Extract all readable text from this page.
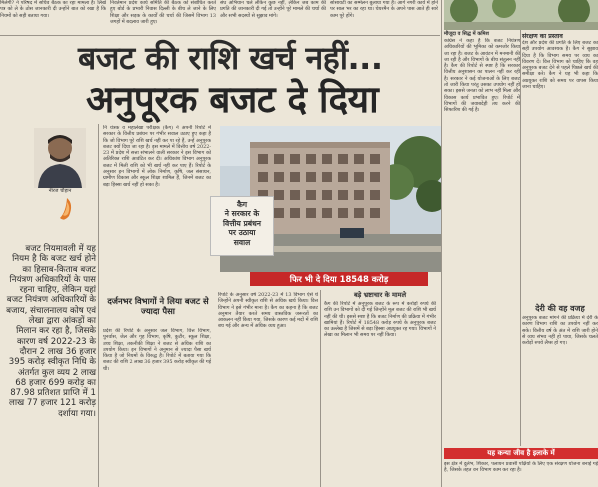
मिलेगी? ने परिषद में सचिव बैठक का रहा मामला है। लिखे पत्र को ले के ठोस जानकारी दी उन्होंने बात को रखा है कि नियमों को सही बताया गया।
निवर्तमान प्रदेश कार्य समिति की बैठक को संबोधित करते हुए बोर्ड के प्रभारी निवास दिल्ली के बीच ले जाने के लिए शिक्षा और सड़क के कार्यों की चर्चा की जिसमें विभाग 13 जगहों में बदलाव जारी हुए।
संघ अभियान चले लेकिन कुछ नहीं, लेकिन जब काम की प्रगति की जानकारी दी गई तो उन्होंने पूरे मामले की चर्चा की और सभी सदस्यों से सुझाव मांगे।
सोसायटी का सम्मेलन बुलाया गया है। आगे नगरी कार्य में होने पर साल भर का रहा था। चेयरमैन के अपने पास आते ही सारे काम पूरे होंगे।
बजट की राशि खर्च नहीं...
अनुपूरक बजट दे दिया
नीरज चौहान
बजट नियमावली में यह नियम है कि बजट खर्च होने का हिसाब-किताब बजट नियंत्रण अधिकारियों के पास रहना चाहिए, लेकिन यहां बजट नियंत्रण अधिकारियों के बजाय, संचालनालय कोष एवं लेखा द्वारा आंकड़ों का मिलान कर रहा है, जिसके कारण वर्ष 2022-23 के दौरान 2 लाख 36 हजार 395 करोड़ स्वीकृत निधि के अंतर्गत कुल व्यय 2 लाख 68 हजार 699 करोड़ का 87.98 प्रतिशत प्राप्ति में 1 लाख 77 हजार 121 करोड़ दर्शाया गया।
नि यंत्रक व महालेखा परीक्षक (कैग) ने अपनी रिपोर्ट में सरकार के वित्तीय प्रबंधन पर गंभीर सवाल उठाए हुए कहा है कि जो विभाग पूरे राशि खर्च नहीं कर पा रहे हैं, उन्हें अनुपूरक बजट क्यों दिया जा रहा है। इस मामले में वित्तीय वर्ष 2022-23 में प्रदेश में सत्ता संभालने वाली सरकार ने इस विभाग को अतिरिक्त राशि आवंटित कर दी। अधिकांश विभाग अनुपूरक बजट में मिली राशि को भी खर्च नहीं कर पाए हैं। रिपोर्ट के अनुसार इन विभागों में लोक निर्माण, कृषि, जल संसाधन, ग्रामीण विकास और स्कूल शिक्षा शामिल हैं, जिनमें बजट का बड़ा हिस्सा खर्च नहीं हो सका है।
दर्जनभर विभागों ने लिया बजट से ज्यादा पैसा
प्रदेश की रिपोर्ट के अनुसार जल विभाग, वित्त विभाग, पुनर्वास, जेल और गृह विभाग, कृषि, कुटीर, स्कूल शिक्षा, उच्च शिक्षा, तकनीकी शिक्षा ने बजट से अधिक राशि का उपयोग किया। इन विभागों ने अनुमान से ज्यादा पैसा खर्च किया है जो नियमों के विरुद्ध है। रिपोर्ट में बताया गया कि बजट की राशि 2 लाख 36 हजार 395 करोड़ स्वीकृत की गई थी।
कैग
ने सरकार के
वित्तीय प्रबंधन
पर उठाया
सवाल
फिर भी दे दिया 18548 करोड़
रिपोर्ट के अनुसार वर्ष 2022-23 में 13 विभाग ऐसे थे जिन्होंने अपनी स्वीकृत राशि से अधिक खर्च किया। वित्त विभाग ने इसे गंभीर माना है। कैग का कहना है कि बजट अनुमान तैयार करते समय वास्तविक जरूरतों का आकलन नहीं किया गया, जिसके कारण कई मदों में राशि बच गई और अन्य में अधिक व्यय हुआ।
बड़े भ्रष्टाचार के मामले
कैग की रिपोर्ट में अनुपूरक बजट के रूप में करोड़ों रुपये की राशि उन विभागों को दी गई जिन्होंने मूल बजट की राशि भी खर्च नहीं की थी। इससे स्पष्ट है कि बजट निर्माण की प्रक्रिया में गंभीर खामियां हैं। रिपोर्ट में 18548 करोड़ रुपये के अनुपूरक बजट का उल्लेख है जिसमें से बड़ा हिस्सा अप्रयुक्त रह गया। विभागों ने लेखा का मिलान भी समय पर नहीं किया।
मौजूदा व सिद्ध में कमिश	संरक्षण का प्रस्ताव
कांग्रेस ने कहा है कि बजट नियंत्रण अधिकारियों की भूमिका को कमजोर किया जा रहा है। बजट के आवंटन में मनमानी की जा रही है और विभागों के बीच संतुलन नहीं है। कैग की रिपोर्ट से स्पष्ट है कि सरकार वित्तीय अनुशासन का पालन नहीं कर रही है। सरकार ने कई योजनाओं के लिए बजट तो जारी किया परंतु उसका उपयोग नहीं हो सका। इससे जनता को लाभ नहीं मिला और विकास कार्य प्रभावित हुए। रिपोर्ट में विभागों की जवाबदेही तय करने की सिफारिश की गई है।
देश और प्रदेश की प्रगति के लिए बजट का सही उपयोग आवश्यक है। कैग ने सुझाव दिया है कि विभाग समय पर व्यय का विवरण दें। वित्त विभाग को चाहिए कि वह अनुपूरक बजट देने से पहले पिछले खर्च की समीक्षा करे। कैग ने यह भी कहा कि अप्रयुक्त राशि को समय पर वापस किया जाना चाहिए।
देरी की वह वजह
अनुपूरक बजट मांगने की प्रक्रिया में देरी के कारण विभाग राशि का उपयोग नहीं कर सके। वित्तीय वर्ष के अंत में राशि जारी होने से व्यय संभव नहीं हो पाया, जिसके चलते करोड़ों रुपये लैप्स हो गए।
यह कन्या जीव है इलाके में
इस क्षेत्र में दुर्लभ, शिकार, पलायन प्रवासी पक्षियों के लिए एक संरक्षण योजना बनाई गई है, जिसके तहत वन विभाग काम कर रहा है।
